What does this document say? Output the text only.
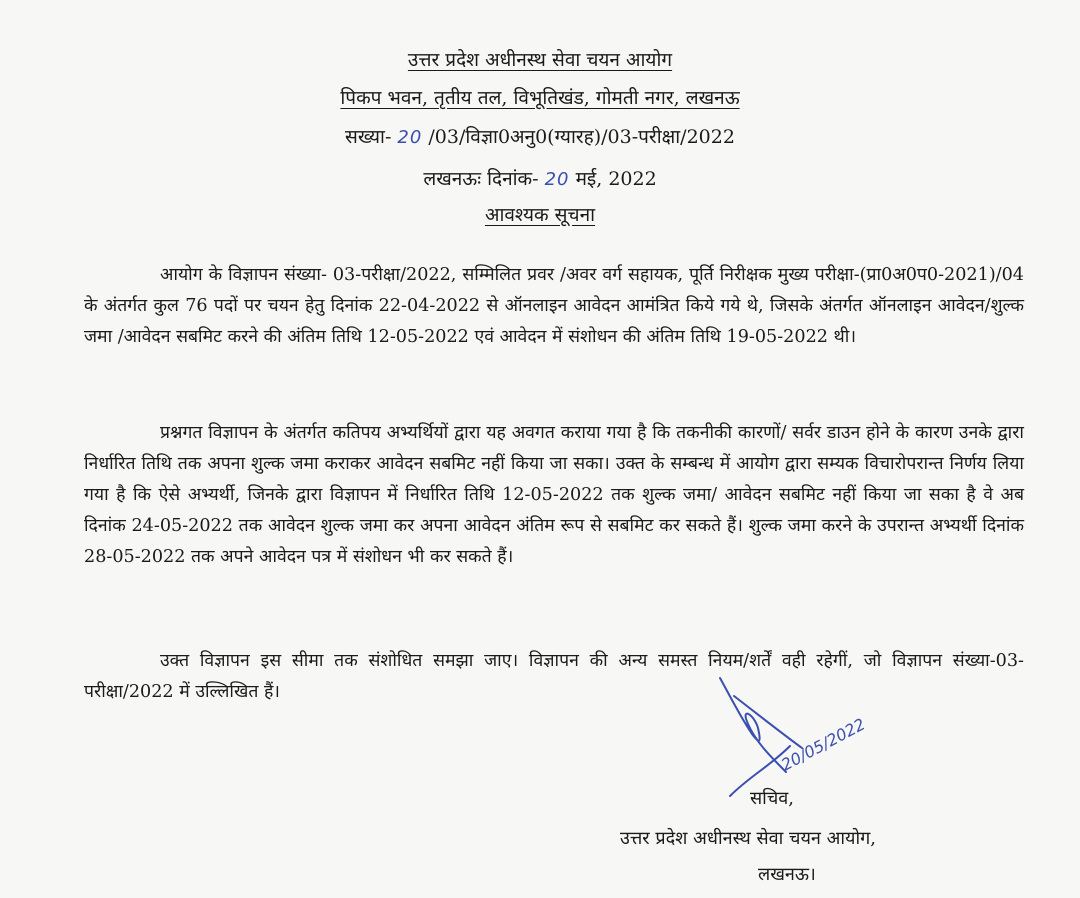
उत्तर प्रदेश अधीनस्थ सेवा चयन आयोग
पिकप भवन, तृतीय तल, विभूतिखंड, गोमती नगर, लखनऊ
सख्या- 20 /03/विज्ञा0अनु0(ग्यारह)/03-परीक्षा/2022
लखनऊः दिनांक- 20 मई, 2022
आवश्यक सूचना

आयोग के विज्ञापन संख्या- 03-परीक्षा/2022, सम्मिलित प्रवर /अवर वर्ग सहायक, पूर्ति निरीक्षक मुख्य परीक्षा-(प्रा0अ0प0-2021)/04 के अंतर्गत कुल 76 पदों पर चयन हेतु दिनांक 22-04-2022 से ऑनलाइन आवेदन आमंत्रित किये गये थे, जिसके अंतर्गत ऑनलाइन आवेदन/शुल्क जमा /आवेदन सबमिट करने की अंतिम तिथि 12-05-2022 एवं आवेदन में संशोधन की अंतिम तिथि 19-05-2022 थी।

प्रश्नगत विज्ञापन के अंतर्गत कतिपय अभ्यर्थियों द्वारा यह अवगत कराया गया है कि तकनीकी कारणों/ सर्वर डाउन होने के कारण उनके द्वारा निर्धारित तिथि तक अपना शुल्क जमा कराकर आवेदन सबमिट नहीं किया जा सका। उक्त के सम्बन्ध में आयोग द्वारा सम्यक विचारोपरान्त निर्णय लिया गया है कि ऐसे अभ्यर्थी, जिनके द्वारा विज्ञापन में निर्धारित तिथि 12-05-2022 तक शुल्क जमा/ आवेदन सबमिट नहीं किया जा सका है वे अब दिनांक 24-05-2022 तक आवेदन शुल्क जमा कर अपना आवेदन अंतिम रूप से सबमिट कर सकते हैं। शुल्क जमा करने के उपरान्त अभ्यर्थी दिनांक 28-05-2022 तक अपने आवेदन पत्र में संशोधन भी कर सकते हैं।

उक्त विज्ञापन इस सीमा तक संशोधित समझा जाए। विज्ञापन की अन्य समस्त नियम/शर्तें वही रहेगीं, जो विज्ञापन संख्या-03-परीक्षा/2022 में उल्लिखित हैं।

20/05/2022
सचिव,
उत्तर प्रदेश अधीनस्थ सेवा चयन आयोग,
लखनऊ।
